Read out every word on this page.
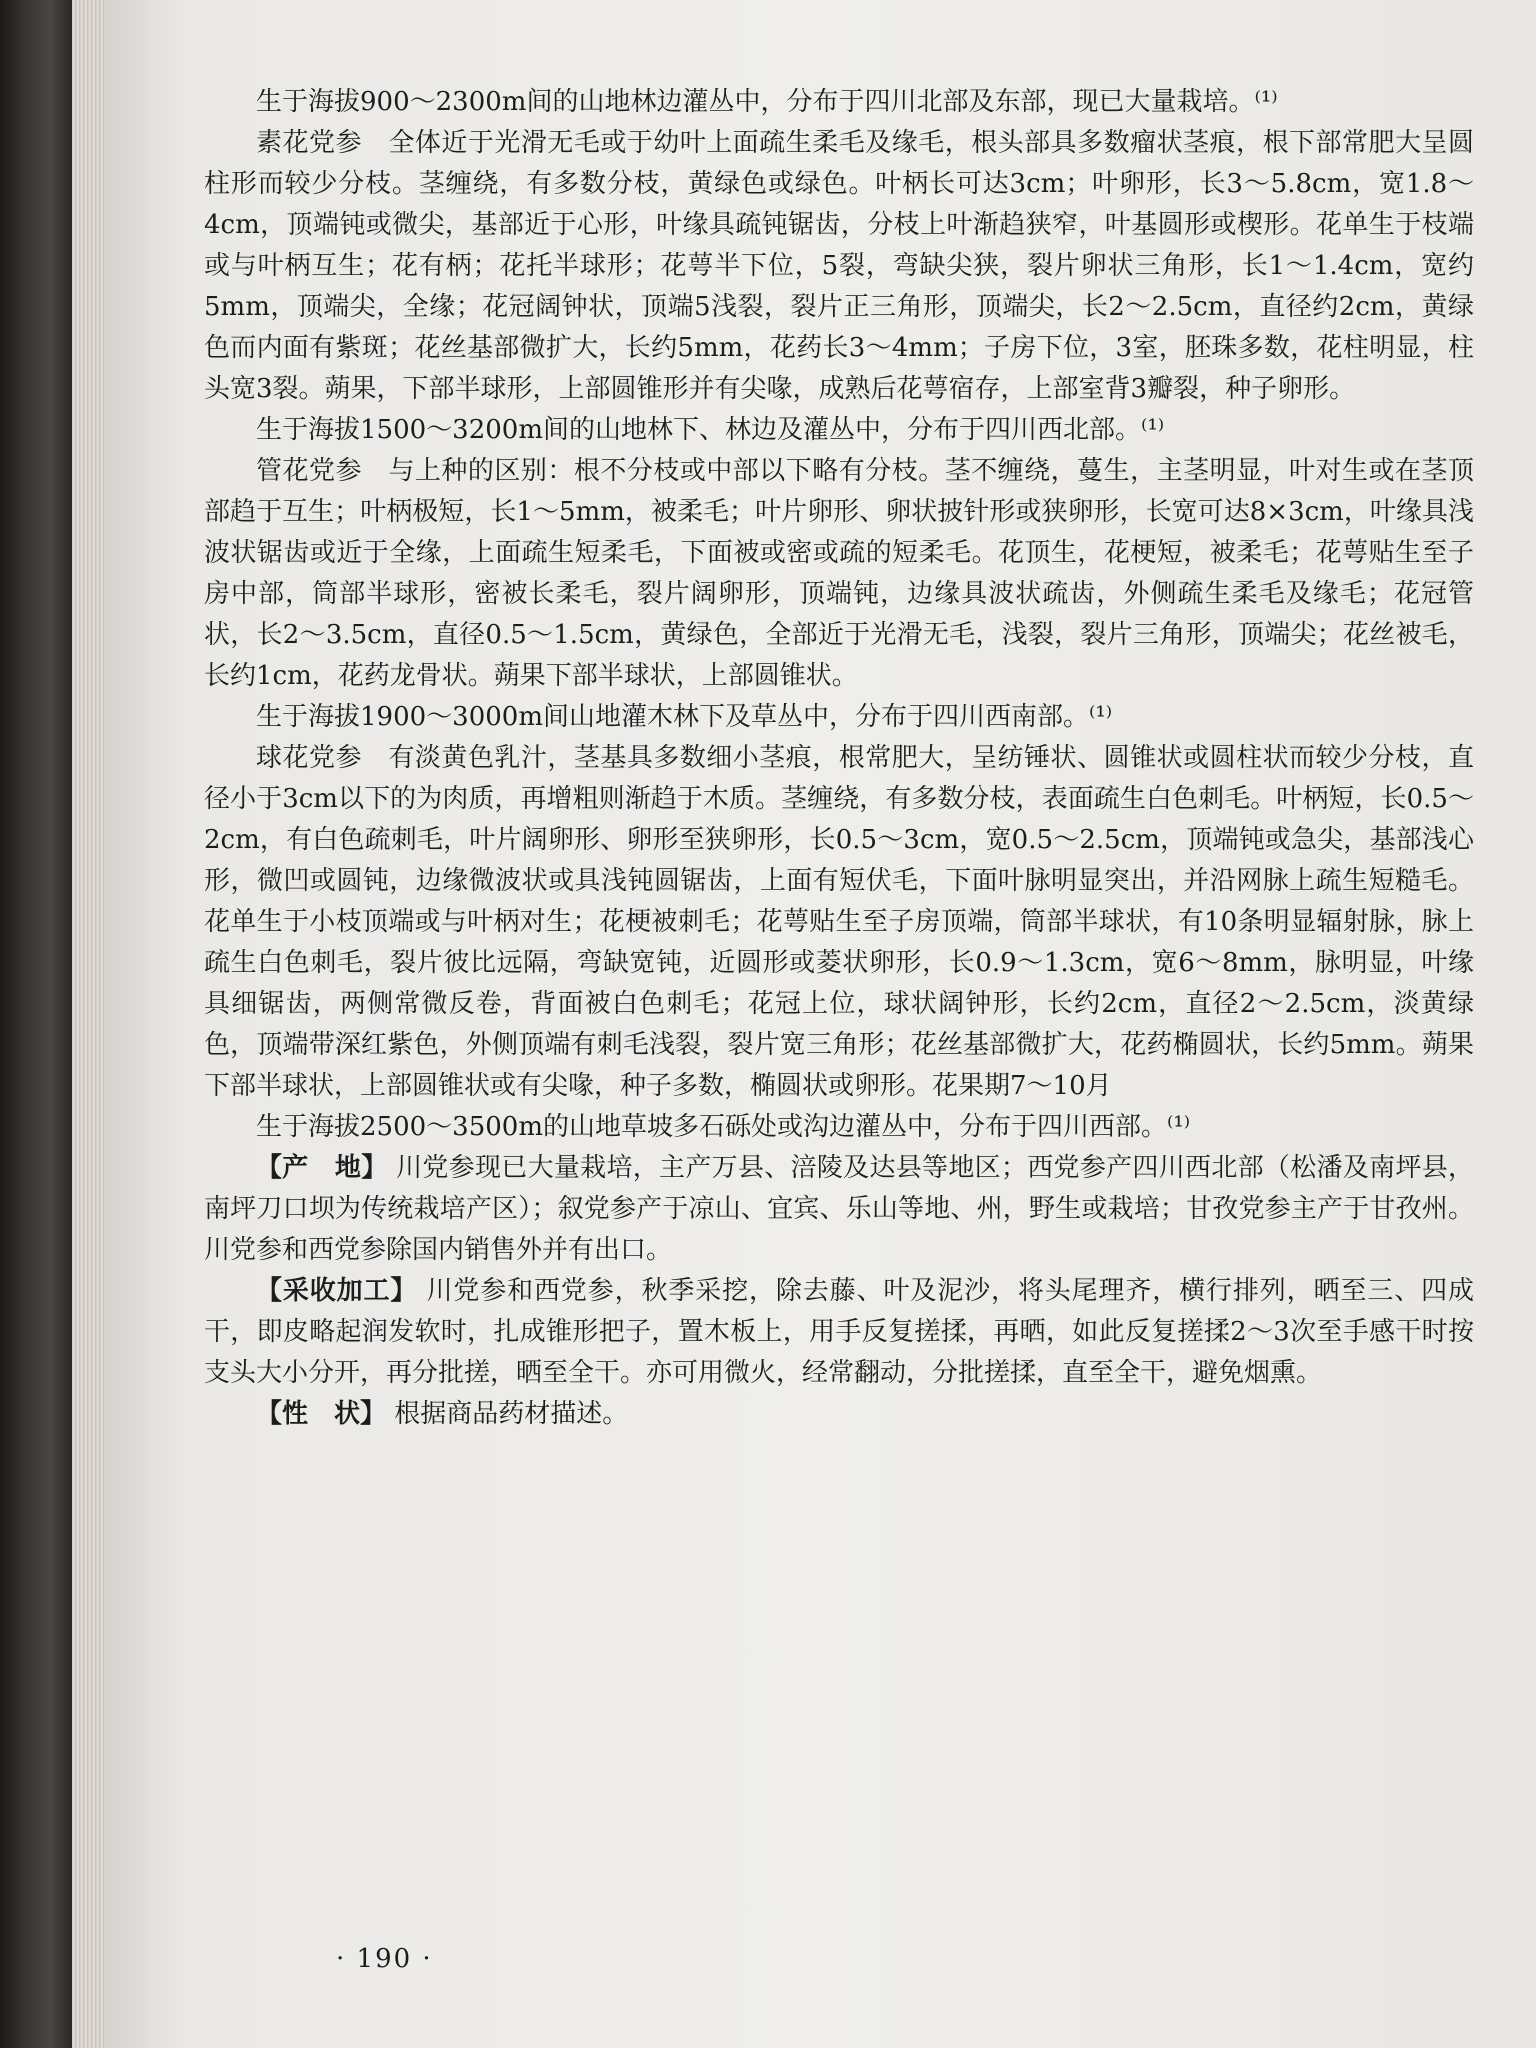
生于海拔900～2300m间的山地林边灌丛中，分布于四川北部及东部，现已大量栽培。⁽¹⁾

素花党参　全体近于光滑无毛或于幼叶上面疏生柔毛及缘毛，根头部具多数瘤状茎痕，根下部常肥大呈圆柱形而较少分枝。茎缠绕，有多数分枝，黄绿色或绿色。叶柄长可达3cm；叶卵形，长3～5.8cm，宽1.8～4cm，顶端钝或微尖，基部近于心形，叶缘具疏钝锯齿，分枝上叶渐趋狭窄，叶基圆形或楔形。花单生于枝端或与叶柄互生；花有柄；花托半球形；花萼半下位，5裂，弯缺尖狭，裂片卵状三角形，长1～1.4cm，宽约5mm，顶端尖，全缘；花冠阔钟状，顶端5浅裂，裂片正三角形，顶端尖，长2～2.5cm，直径约2cm，黄绿色而内面有紫斑；花丝基部微扩大，长约5mm，花药长3～4mm；子房下位，3室，胚珠多数，花柱明显，柱头宽3裂。蒴果，下部半球形，上部圆锥形并有尖喙，成熟后花萼宿存，上部室背3瓣裂，种子卵形。

生于海拔1500～3200m间的山地林下、林边及灌丛中，分布于四川西北部。⁽¹⁾

管花党参　与上种的区别：根不分枝或中部以下略有分枝。茎不缠绕，蔓生，主茎明显，叶对生或在茎顶部趋于互生；叶柄极短，长1～5mm，被柔毛；叶片卵形、卵状披针形或狭卵形，长宽可达8×3cm，叶缘具浅波状锯齿或近于全缘，上面疏生短柔毛，下面被或密或疏的短柔毛。花顶生，花梗短，被柔毛；花萼贴生至子房中部，筒部半球形，密被长柔毛，裂片阔卵形，顶端钝，边缘具波状疏齿，外侧疏生柔毛及缘毛；花冠管状，长2～3.5cm，直径0.5～1.5cm，黄绿色，全部近于光滑无毛，浅裂，裂片三角形，顶端尖；花丝被毛，长约1cm，花药龙骨状。蒴果下部半球状，上部圆锥状。

生于海拔1900～3000m间山地灌木林下及草丛中，分布于四川西南部。⁽¹⁾

球花党参　有淡黄色乳汁，茎基具多数细小茎痕，根常肥大，呈纺锤状、圆锥状或圆柱状而较少分枝，直径小于3cm以下的为肉质，再增粗则渐趋于木质。茎缠绕，有多数分枝，表面疏生白色刺毛。叶柄短，长0.5～2cm，有白色疏刺毛，叶片阔卵形、卵形至狭卵形，长0.5～3cm，宽0.5～2.5cm，顶端钝或急尖，基部浅心形，微凹或圆钝，边缘微波状或具浅钝圆锯齿，上面有短伏毛，下面叶脉明显突出，并沿网脉上疏生短糙毛。花单生于小枝顶端或与叶柄对生；花梗被刺毛；花萼贴生至子房顶端，筒部半球状，有10条明显辐射脉，脉上疏生白色刺毛，裂片彼比远隔，弯缺宽钝，近圆形或菱状卵形，长0.9～1.3cm，宽6～8mm，脉明显，叶缘具细锯齿，两侧常微反卷，背面被白色刺毛；花冠上位，球状阔钟形，长约2cm，直径2～2.5cm，淡黄绿色，顶端带深红紫色，外侧顶端有刺毛浅裂，裂片宽三角形；花丝基部微扩大，花药椭圆状，长约5mm。蒴果下部半球状，上部圆锥状或有尖喙，种子多数，椭圆状或卵形。花果期7～10月

生于海拔2500～3500m的山地草坡多石砾处或沟边灌丛中，分布于四川西部。⁽¹⁾

【产　地】 川党参现已大量栽培，主产万县、涪陵及达县等地区；西党参产四川西北部（松潘及南坪县，南坪刀口坝为传统栽培产区）；叙党参产于凉山、宜宾、乐山等地、州，野生或栽培；甘孜党参主产于甘孜州。川党参和西党参除国内销售外并有出口。

【采收加工】 川党参和西党参，秋季采挖，除去藤、叶及泥沙，将头尾理齐，横行排列，晒至三、四成干，即皮略起润发软时，扎成锥形把子，置木板上，用手反复搓揉，再晒，如此反复搓揉2～3次至手感干时按支头大小分开，再分批搓，晒至全干。亦可用微火，经常翻动，分批搓揉，直至全干，避免烟熏。

【性　状】 根据商品药材描述。

· 190 ·
